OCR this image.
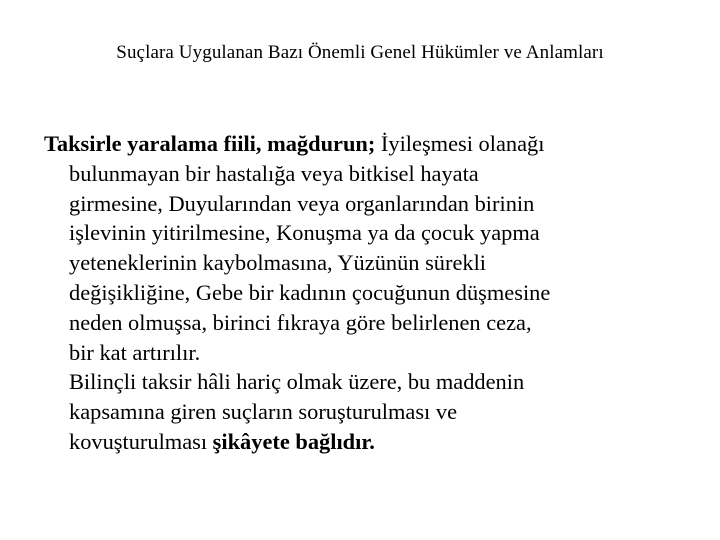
Suçlara Uygulanan Bazı Önemli Genel Hükümler ve Anlamları
Taksirle yaralama fiili, mağdurun; İyileşmesi olanağı
bulunmayan bir hastalığa veya bitkisel hayata
girmesine, Duyularından veya organlarından birinin
işlevinin yitirilmesine, Konuşma ya da çocuk yapma
yeteneklerinin kaybolmasına, Yüzünün sürekli
değişikliğine, Gebe bir kadının çocuğunun düşmesine
neden olmuşsa, birinci fıkraya göre belirlenen ceza,
bir kat artırılır.
Bilinçli taksir hâli hariç olmak üzere, bu maddenin
kapsamına giren suçların soruşturulması ve
kovuşturulması şikâyete bağlıdır.
